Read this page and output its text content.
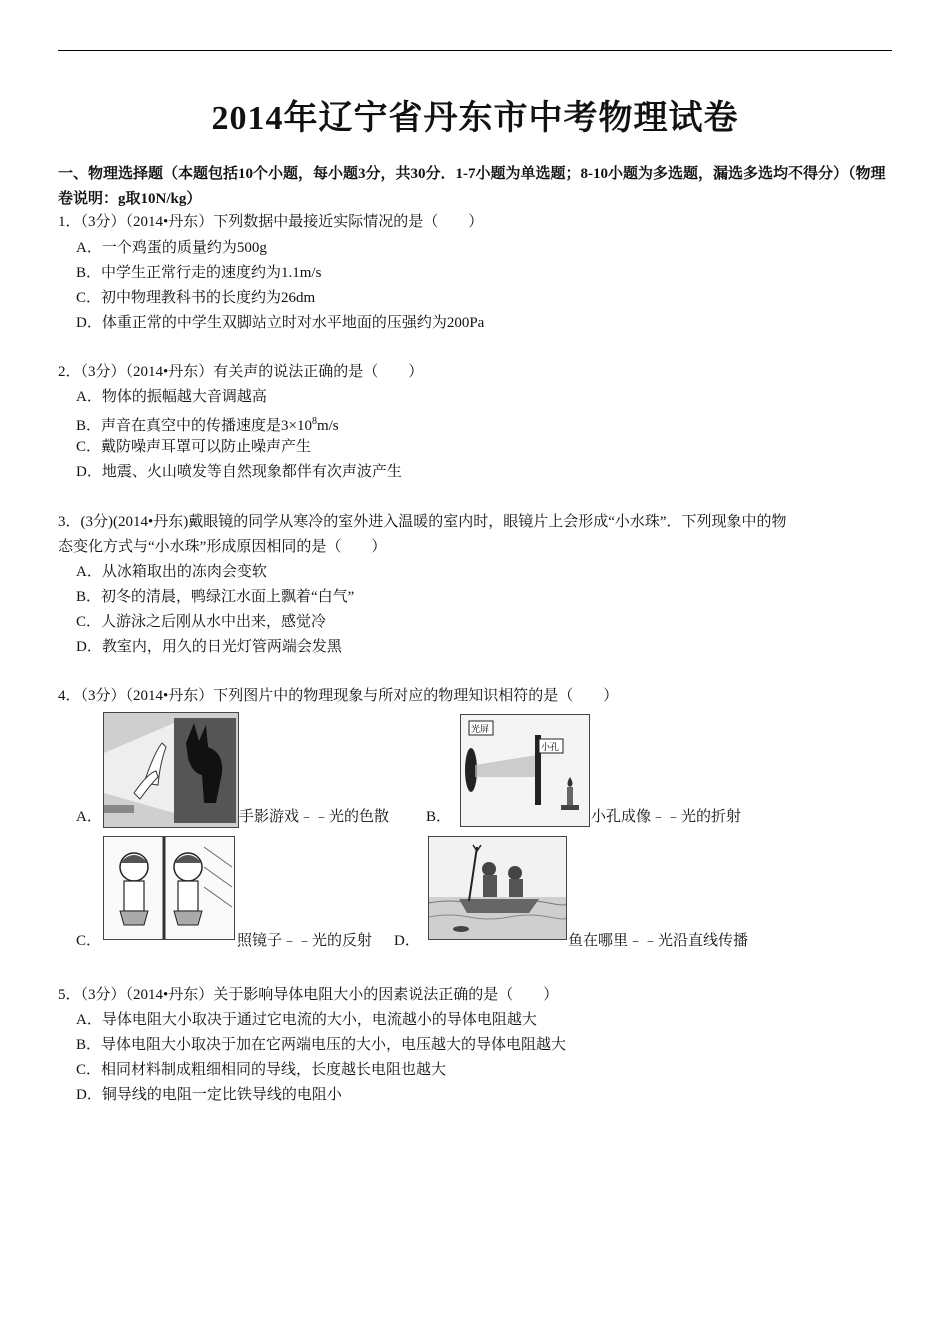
2014年辽宁省丹东市中考物理试卷
一、物理选择题（本题包括10个小题，每小题3分，共30分．1-7小题为单选题；8-10小题为多选题，漏选多选均不得分）（物理卷说明：g取10N/kg）
1．（3分）（2014•丹东）下列数据中最接近实际情况的是（　　）
A．一个鸡蛋的质量约为500g
B．中学生正常行走的速度约为1.1m/s
C．初中物理教科书的长度约为26dm
D．体重正常的中学生双脚站立时对水平地面的压强约为200Pa
2．（3分）（2014•丹东）有关声的说法正确的是（　　）
A．物体的振幅越大音调越高
B．声音在真空中的传播速度是$3\times 10^8m/s$
C．戴防噪声耳罩可以防止噪声产生
D．地震、火山喷发等自然现象都伴有次声波产生
3．(3分)(2014•丹东)戴眼镜的同学从寒冷的室外进入温暖的室内时，眼镜片上会形成“小水珠”．下列现象中的物
态变化方式与“小水珠”形成原因相同的是（　　）
A．从冰箱取出的冻肉会变软
B．初冬的清晨，鸭绿江水面上飘着“白气”
C．人游泳之后刚从水中出来，感觉冷
D．教室内，用久的日光灯管两端会发黑
4．（3分）（2014•丹东）下列图片中的物理现象与所对应的物理知识相符的是（　　）
A．	手影游戏﹣﹣光的色散 B．
光屏
小孔
小孔成像﹣﹣光的折射
C．	照镜子﹣﹣光的反射 D．	鱼在哪里﹣﹣光沿直线传播
5．（3分）（2014•丹东）关于影响导体电阻大小的因素说法正确的是（　　）
A．导体电阻大小取决于通过它电流的大小，电流越小的导体电阻越大
B．导体电阻大小取决于加在它两端电压的大小，电压越大的导体电阻越大
C．相同材料制成粗细相同的导线，长度越长电阻也越大
D．铜导线的电阻一定比铁导线的电阻小
